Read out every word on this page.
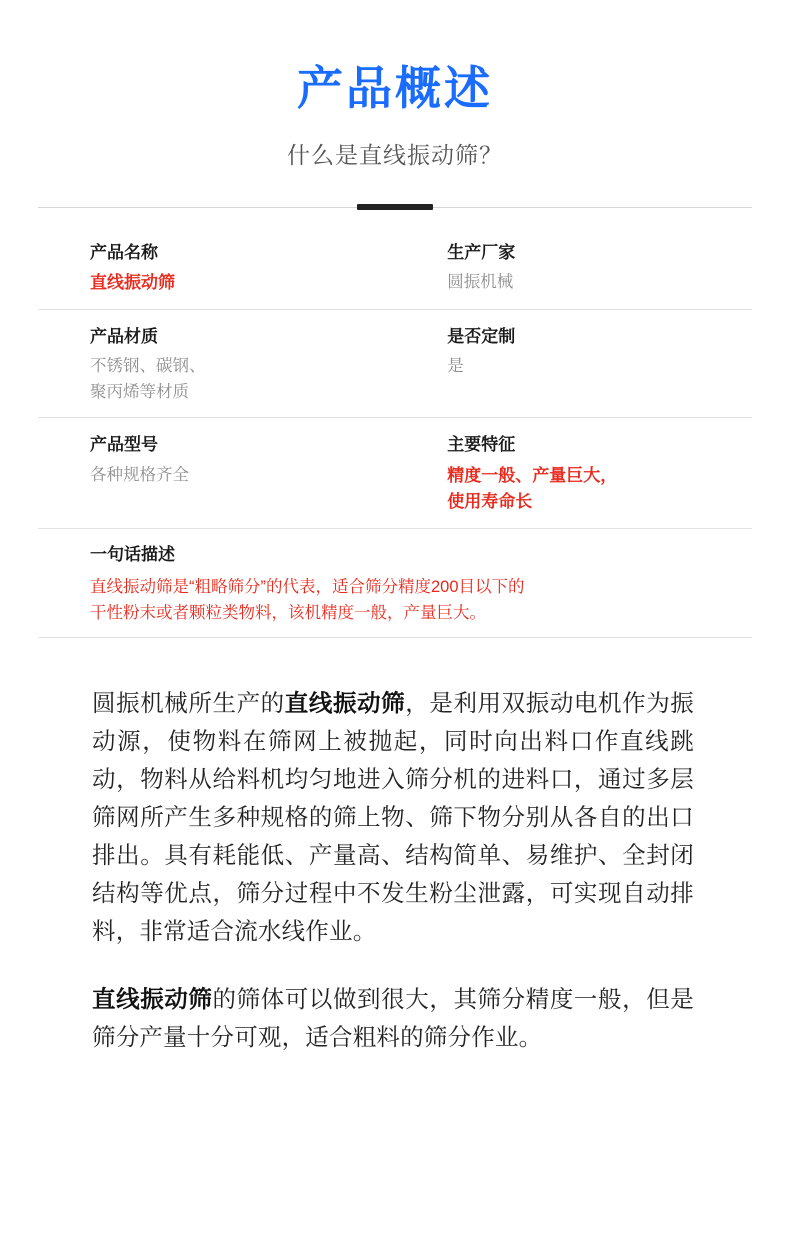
产品概述
什么是直线振动筛？
产品名称
直线振动筛
生产厂家
圆振机械
产品材质
不锈钢、碳钢、
聚丙烯等材质
是否定制
是
产品型号
各种规格齐全
主要特征
精度一般、产量巨大，
使用寿命长
一句话描述
直线振动筛是“粗略筛分”的代表，适合筛分精度200目以下的
干性粉末或者颗粒类物料，该机精度一般，产量巨大。

圆振机械所生产的直线振动筛，是利用双振动电机作为振动源，使物料在筛网上被抛起，同时向出料口作直线跳动，物料从给料机均匀地进入筛分机的进料口，通过多层筛网所产生多种规格的筛上物、筛下物分别从各自的出口排出。具有耗能低、产量高、结构简单、易维护、全封闭结构等优点，筛分过程中不发生粉尘泄露，可实现自动排料，非常适合流水线作业。

直线振动筛的筛体可以做到很大，其筛分精度一般，但是筛分产量十分可观，适合粗料的筛分作业。
